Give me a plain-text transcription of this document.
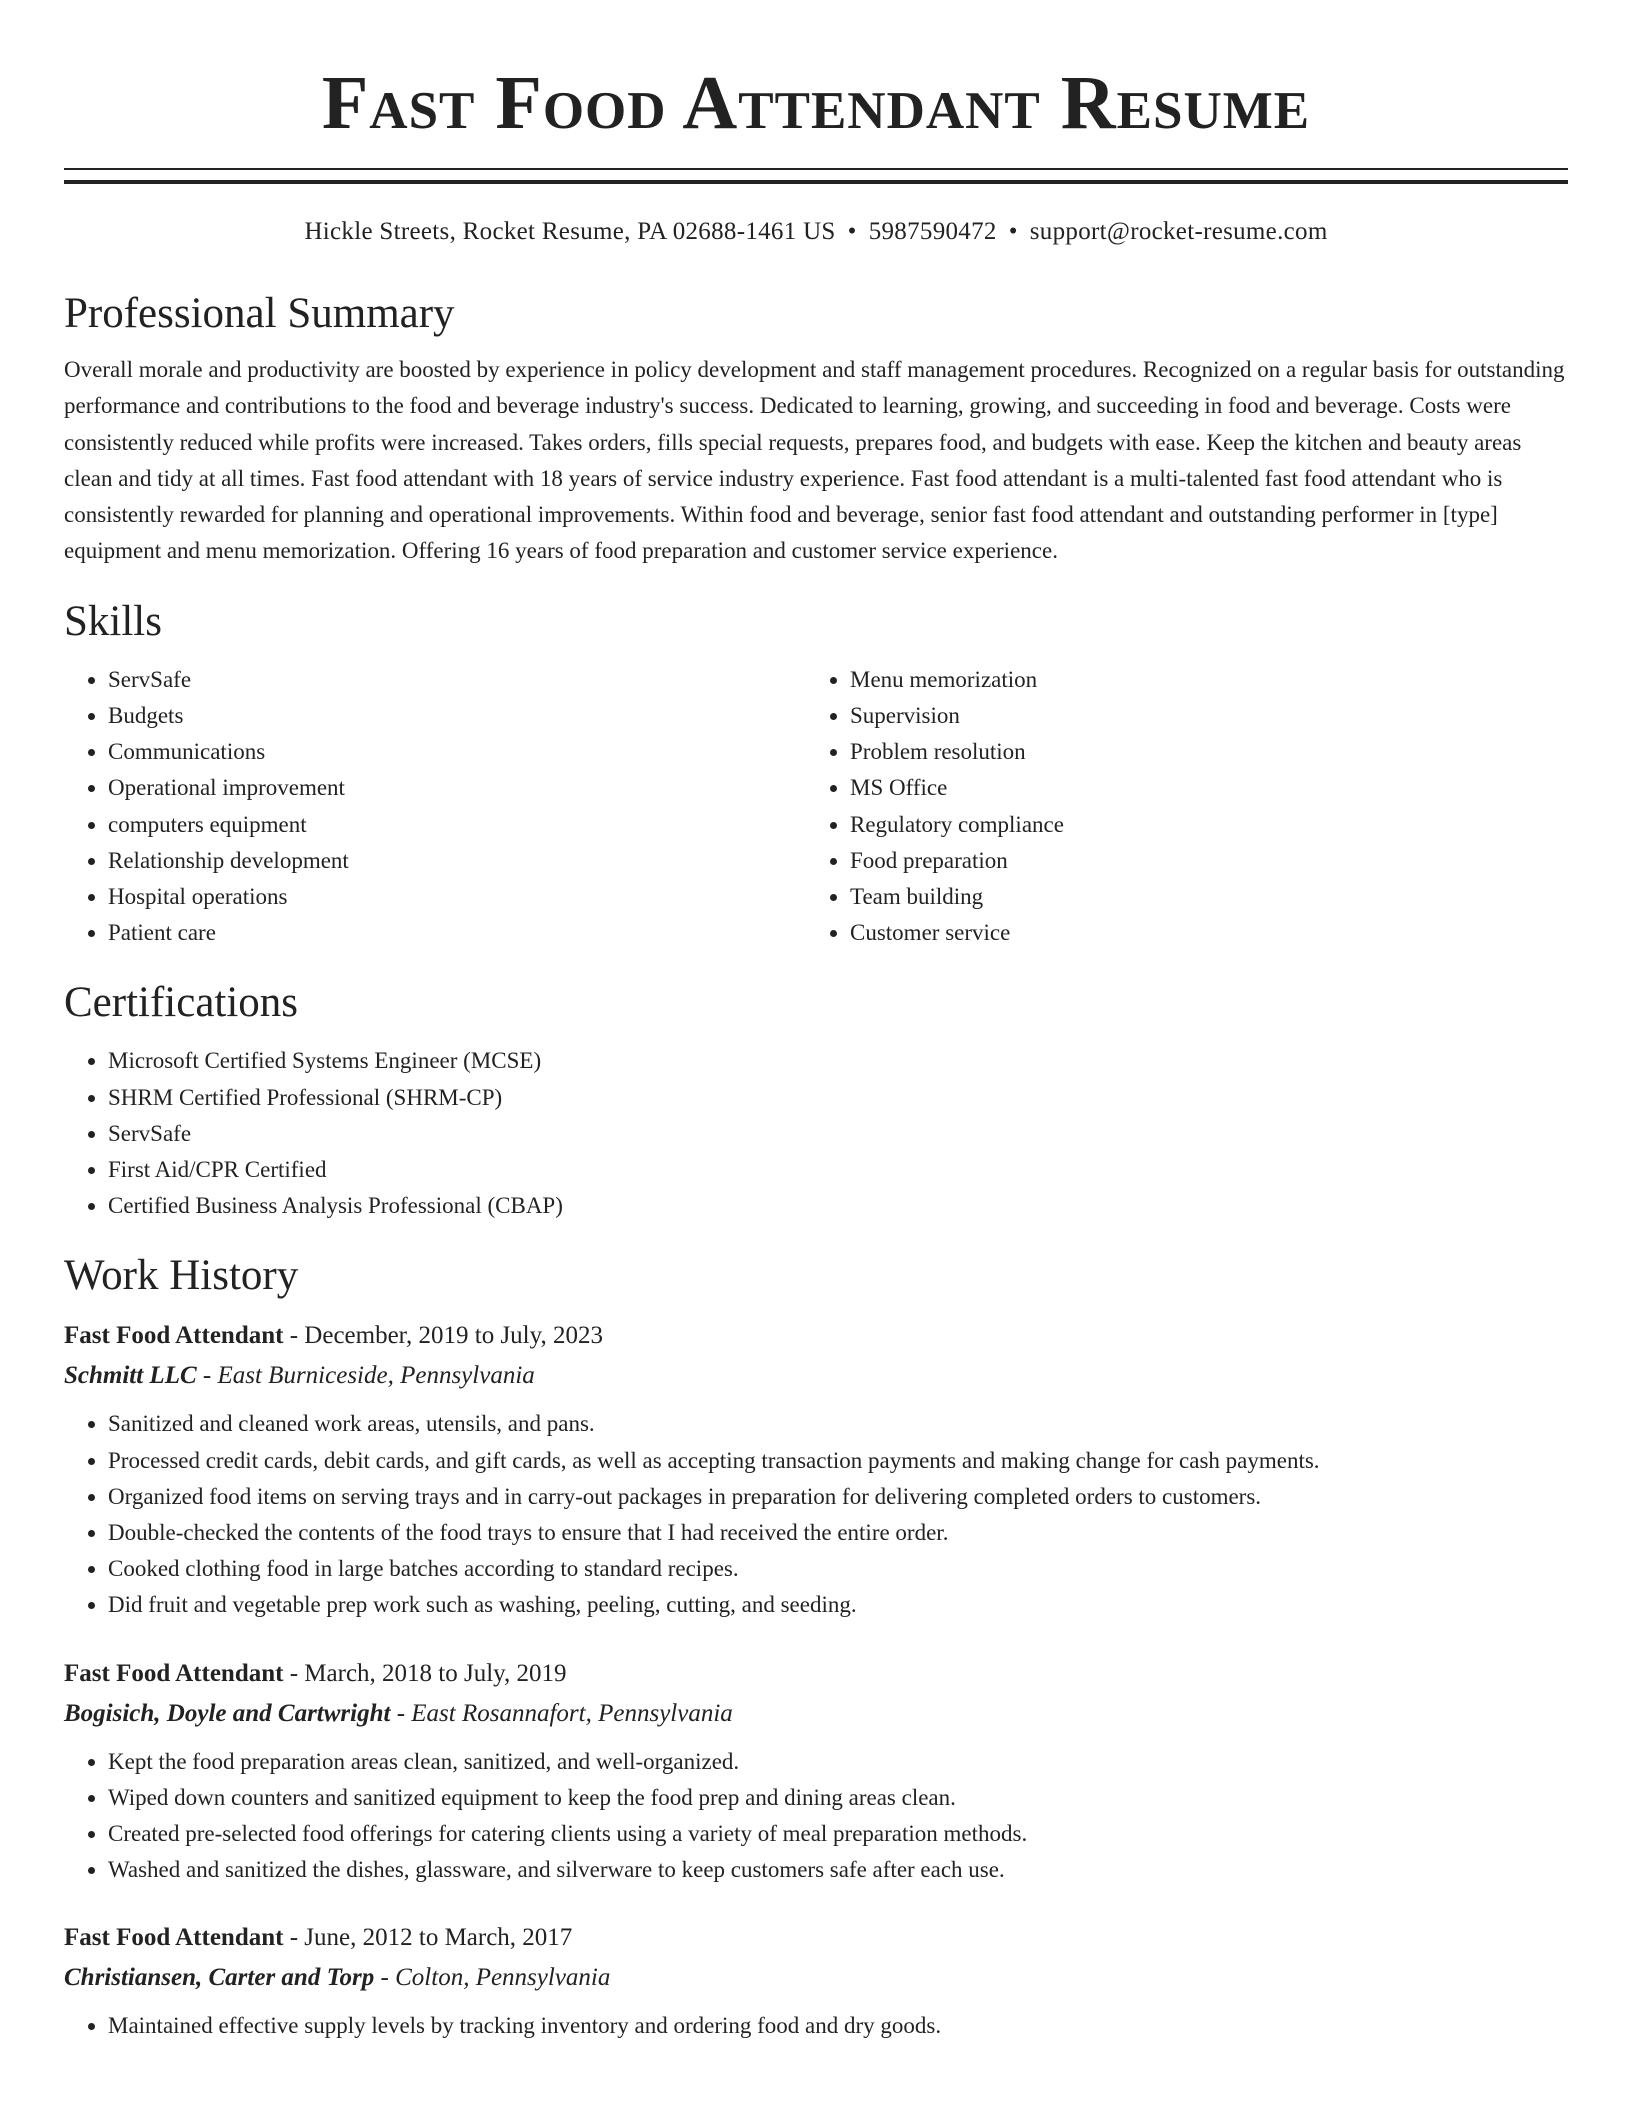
Fast Food Attendant Resume
Hickle Streets, Rocket Resume, PA 02688-1461 US • 5987590472 • support@rocket-resume.com
Professional Summary

Overall morale and productivity are boosted by experience in policy development and staff management procedures. Recognized on a regular basis for outstanding performance and contributions to the food and beverage industry's success. Dedicated to learning, growing, and succeeding in food and beverage. Costs were consistently reduced while profits were increased. Takes orders, fills special requests, prepares food, and budgets with ease. Keep the kitchen and beauty areas clean and tidy at all times. Fast food attendant with 18 years of service industry experience. Fast food attendant is a multi-talented fast food attendant who is consistently rewarded for planning and operational improvements. Within food and beverage, senior fast food attendant and outstanding performer in [type] equipment and menu memorization. Offering 16 years of food preparation and customer service experience.

Skills
• ServSafe
• Budgets
• Communications
• Operational improvement
• computers equipment
• Relationship development
• Hospital operations
• Patient care
• Menu memorization
• Supervision
• Problem resolution
• MS Office
• Regulatory compliance
• Food preparation
• Team building
• Customer service
Certifications
• Microsoft Certified Systems Engineer (MCSE)
• SHRM Certified Professional (SHRM-CP)
• ServSafe
• First Aid/CPR Certified
• Certified Business Analysis Professional (CBAP)
Work History
Fast Food Attendant - December, 2019 to July, 2023
Schmitt LLC - East Burniceside, Pennsylvania
• Sanitized and cleaned work areas, utensils, and pans.
• Processed credit cards, debit cards, and gift cards, as well as accepting transaction payments and making change for cash payments.
• Organized food items on serving trays and in carry-out packages in preparation for delivering completed orders to customers.
• Double-checked the contents of the food trays to ensure that I had received the entire order.
• Cooked clothing food in large batches according to standard recipes.
• Did fruit and vegetable prep work such as washing, peeling, cutting, and seeding.
Fast Food Attendant - March, 2018 to July, 2019
Bogisich, Doyle and Cartwright - East Rosannafort, Pennsylvania
• Kept the food preparation areas clean, sanitized, and well-organized.
• Wiped down counters and sanitized equipment to keep the food prep and dining areas clean.
• Created pre-selected food offerings for catering clients using a variety of meal preparation methods.
• Washed and sanitized the dishes, glassware, and silverware to keep customers safe after each use.
Fast Food Attendant - June, 2012 to March, 2017
Christiansen, Carter and Torp - Colton, Pennsylvania
• Maintained effective supply levels by tracking inventory and ordering food and dry goods.
